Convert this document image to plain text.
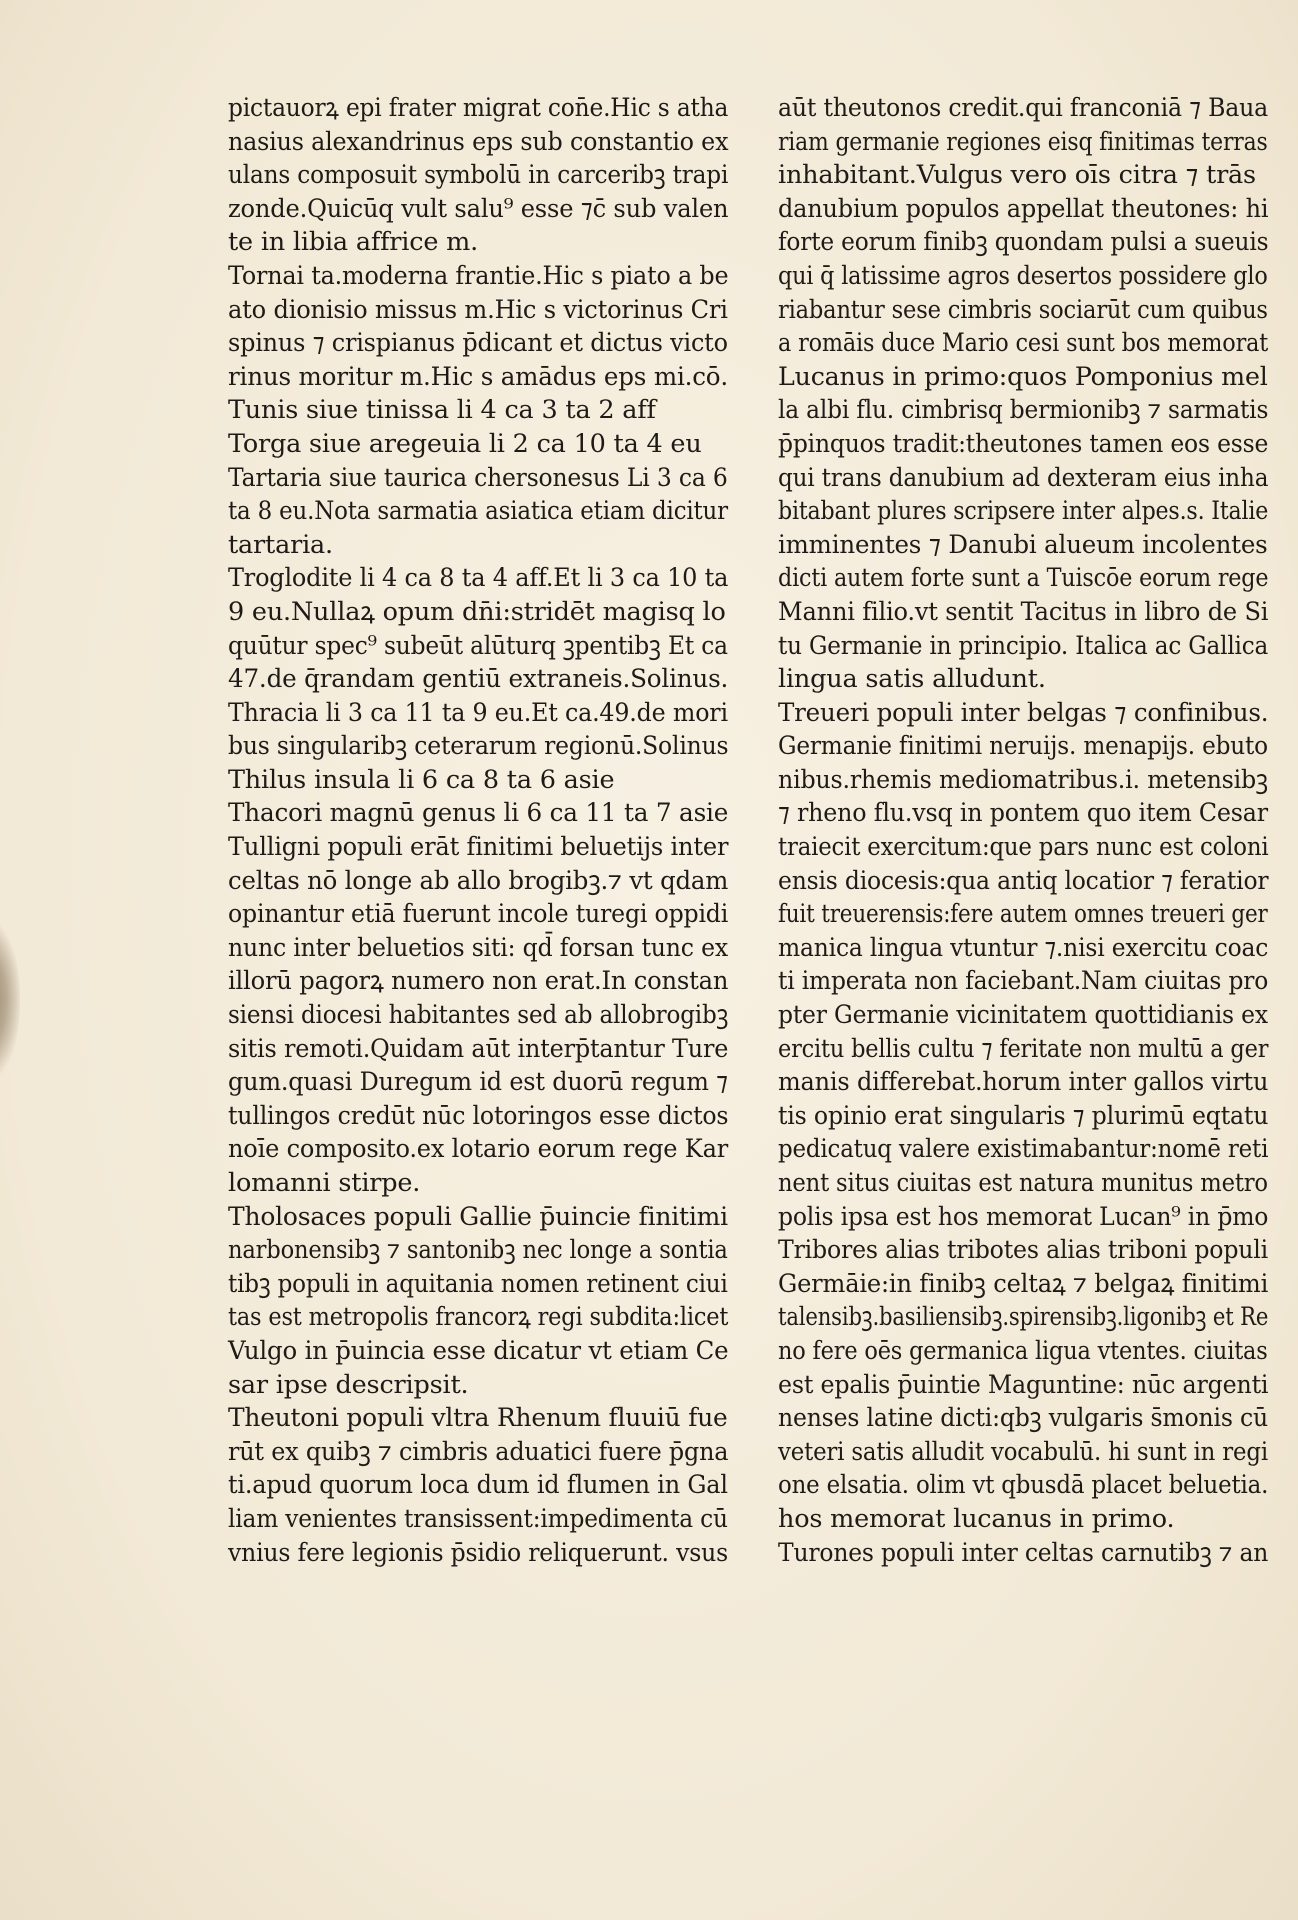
pictauorꝝ epi frater migrat con̄e.Hic s atha
nasius alexandrinus eps sub constantio ex
ulans composuit symbolū in carceribꝫ trapi
zonde.Quicūq vult salu⁹ esse ⁊c̄ sub valen
te in libia affrice m.
Tornai ta.moderna frantie.Hic s piato a be
ato dionisio missus m.Hic s victorinus Cri
spinus ⁊ crispianus p̄dicant et dictus victo
rinus moritur m.Hic s amādus eps mi.cō.
Tunis siue tinissa li 4 ca 3 ta 2 aff
Torga siue aregeuia li 2 ca 10 ta 4 eu
Tartaria siue taurica chersonesus Li 3 ca 6
ta 8 eu.Nota sarmatia asiatica etiam dicitur
tartaria.
Troglodite li 4 ca 8 ta 4 aff.Et li 3 ca 10 ta
9 eu.Nullaꝝ opum dn̄i:stridēt magisq lo
quūtur spec⁹ subeūt alūturq ꝫpentibꝫ Et ca
47.de q̄randam gentiū extraneis.Solinus.
Thracia li 3 ca 11 ta 9 eu.Et ca.49.de mori
bus singularibꝫ ceterarum regionū.Solinus
Thilus insula li 6 ca 8 ta 6 asie
Thacori magnū genus li 6 ca 11 ta 7 asie
Tulligni populi erāt finitimi beluetijs inter
celtas nō longe ab allo brogibꝫ.⁊ vt qdam
opinantur etiā fuerunt incole turegi oppidi
nunc inter beluetios siti: qd̄ forsan tunc ex
illorū pagorꝝ numero non erat.In constan
siensi diocesi habitantes sed ab allobrogibꝫ
sitis remoti.Quidam aūt interp̄tantur Ture
gum.quasi Duregum id est duorū regum ⁊
tullingos credūt nūc lotoringos esse dictos
noīe composito.ex lotario eorum rege Kar
lomanni stirpe.
Tholosaces populi Gallie p̄uincie finitimi
narbonensibꝫ ⁊ santonibꝫ nec longe a sontia
tibꝫ populi in aquitania nomen retinent ciui
tas est metropolis francorꝝ regi subdita:licet
Vulgo in p̄uincia esse dicatur vt etiam Ce
sar ipse descripsit.
Theutoni populi vltra Rhenum fluuiū fue
rūt ex quibꝫ ⁊ cimbris aduatici fuere p̄gna
ti.apud quorum loca dum id flumen in Gal
liam venientes transissent:impedimenta cū
vnius fere legionis p̄sidio reliquerunt. vsus
aūt theutonos credit.qui franconiā ⁊ Baua
riam germanie regiones eisq finitimas terras
inhabitant.Vulgus vero oīs citra ⁊ trās
danubium populos appellat theutones: hi
forte eorum finibꝫ quondam pulsi a sueuis
qui q̄ latissime agros desertos possidere glo
riabantur sese cimbris sociarūt cum quibus
a romāis duce Mario cesi sunt bos memorat
Lucanus in primo:quos Pomponius mel
la albi flu. cimbrisq bermionibꝫ ⁊ sarmatis
p̄pinquos tradit:theutones tamen eos esse
qui trans danubium ad dexteram eius inha
bitabant plures scripsere inter alpes.s. Italie
imminentes ⁊ Danubi alueum incolentes
dicti autem forte sunt a Tuiscōe eorum rege
Manni filio.vt sentit Tacitus in libro de Si
tu Germanie in principio. Italica ac Gallica
lingua satis alludunt.
Treueri populi inter belgas ⁊ confinibus.
Germanie finitimi neruijs. menapijs. ebuto
nibus.rhemis mediomatribus.i. metensibꝫ
⁊ rheno flu.vsq in pontem quo item Cesar
traiecit exercitum:que pars nunc est coloni
ensis diocesis:qua antiq locatior ⁊ feratior
fuit treuerensis:fere autem omnes treueri ger
manica lingua vtuntur ⁊.nisi exercitu coac
ti imperata non faciebant.Nam ciuitas pro
pter Germanie vicinitatem quottidianis ex
ercitu bellis cultu ⁊ feritate non multū a ger
manis differebat.horum inter gallos virtu
tis opinio erat singularis ⁊ plurimū eqtatu
pedicatuq valere existimabantur:nomē reti
nent situs ciuitas est natura munitus metro
polis ipsa est hos memorat Lucan⁹ in p̄mo
Tribores alias tribotes alias triboni populi
Germāie:in finibꝫ celtaꝝ ⁊ belgaꝝ finitimi
talensibꝫ.basiliensibꝫ.spirensibꝫ.ligonibꝫ et Re
no fere oēs germanica ligua vtentes. ciuitas
est epalis p̄uintie Maguntine: nūc argenti
nenses latine dicti:qbꝫ vulgaris s̄monis cū
veteri satis alludit vocabulū. hi sunt in regi
one elsatia. olim vt qbusdā placet beluetia.
hos memorat lucanus in primo.
Turones populi inter celtas carnutibꝫ ⁊ an
